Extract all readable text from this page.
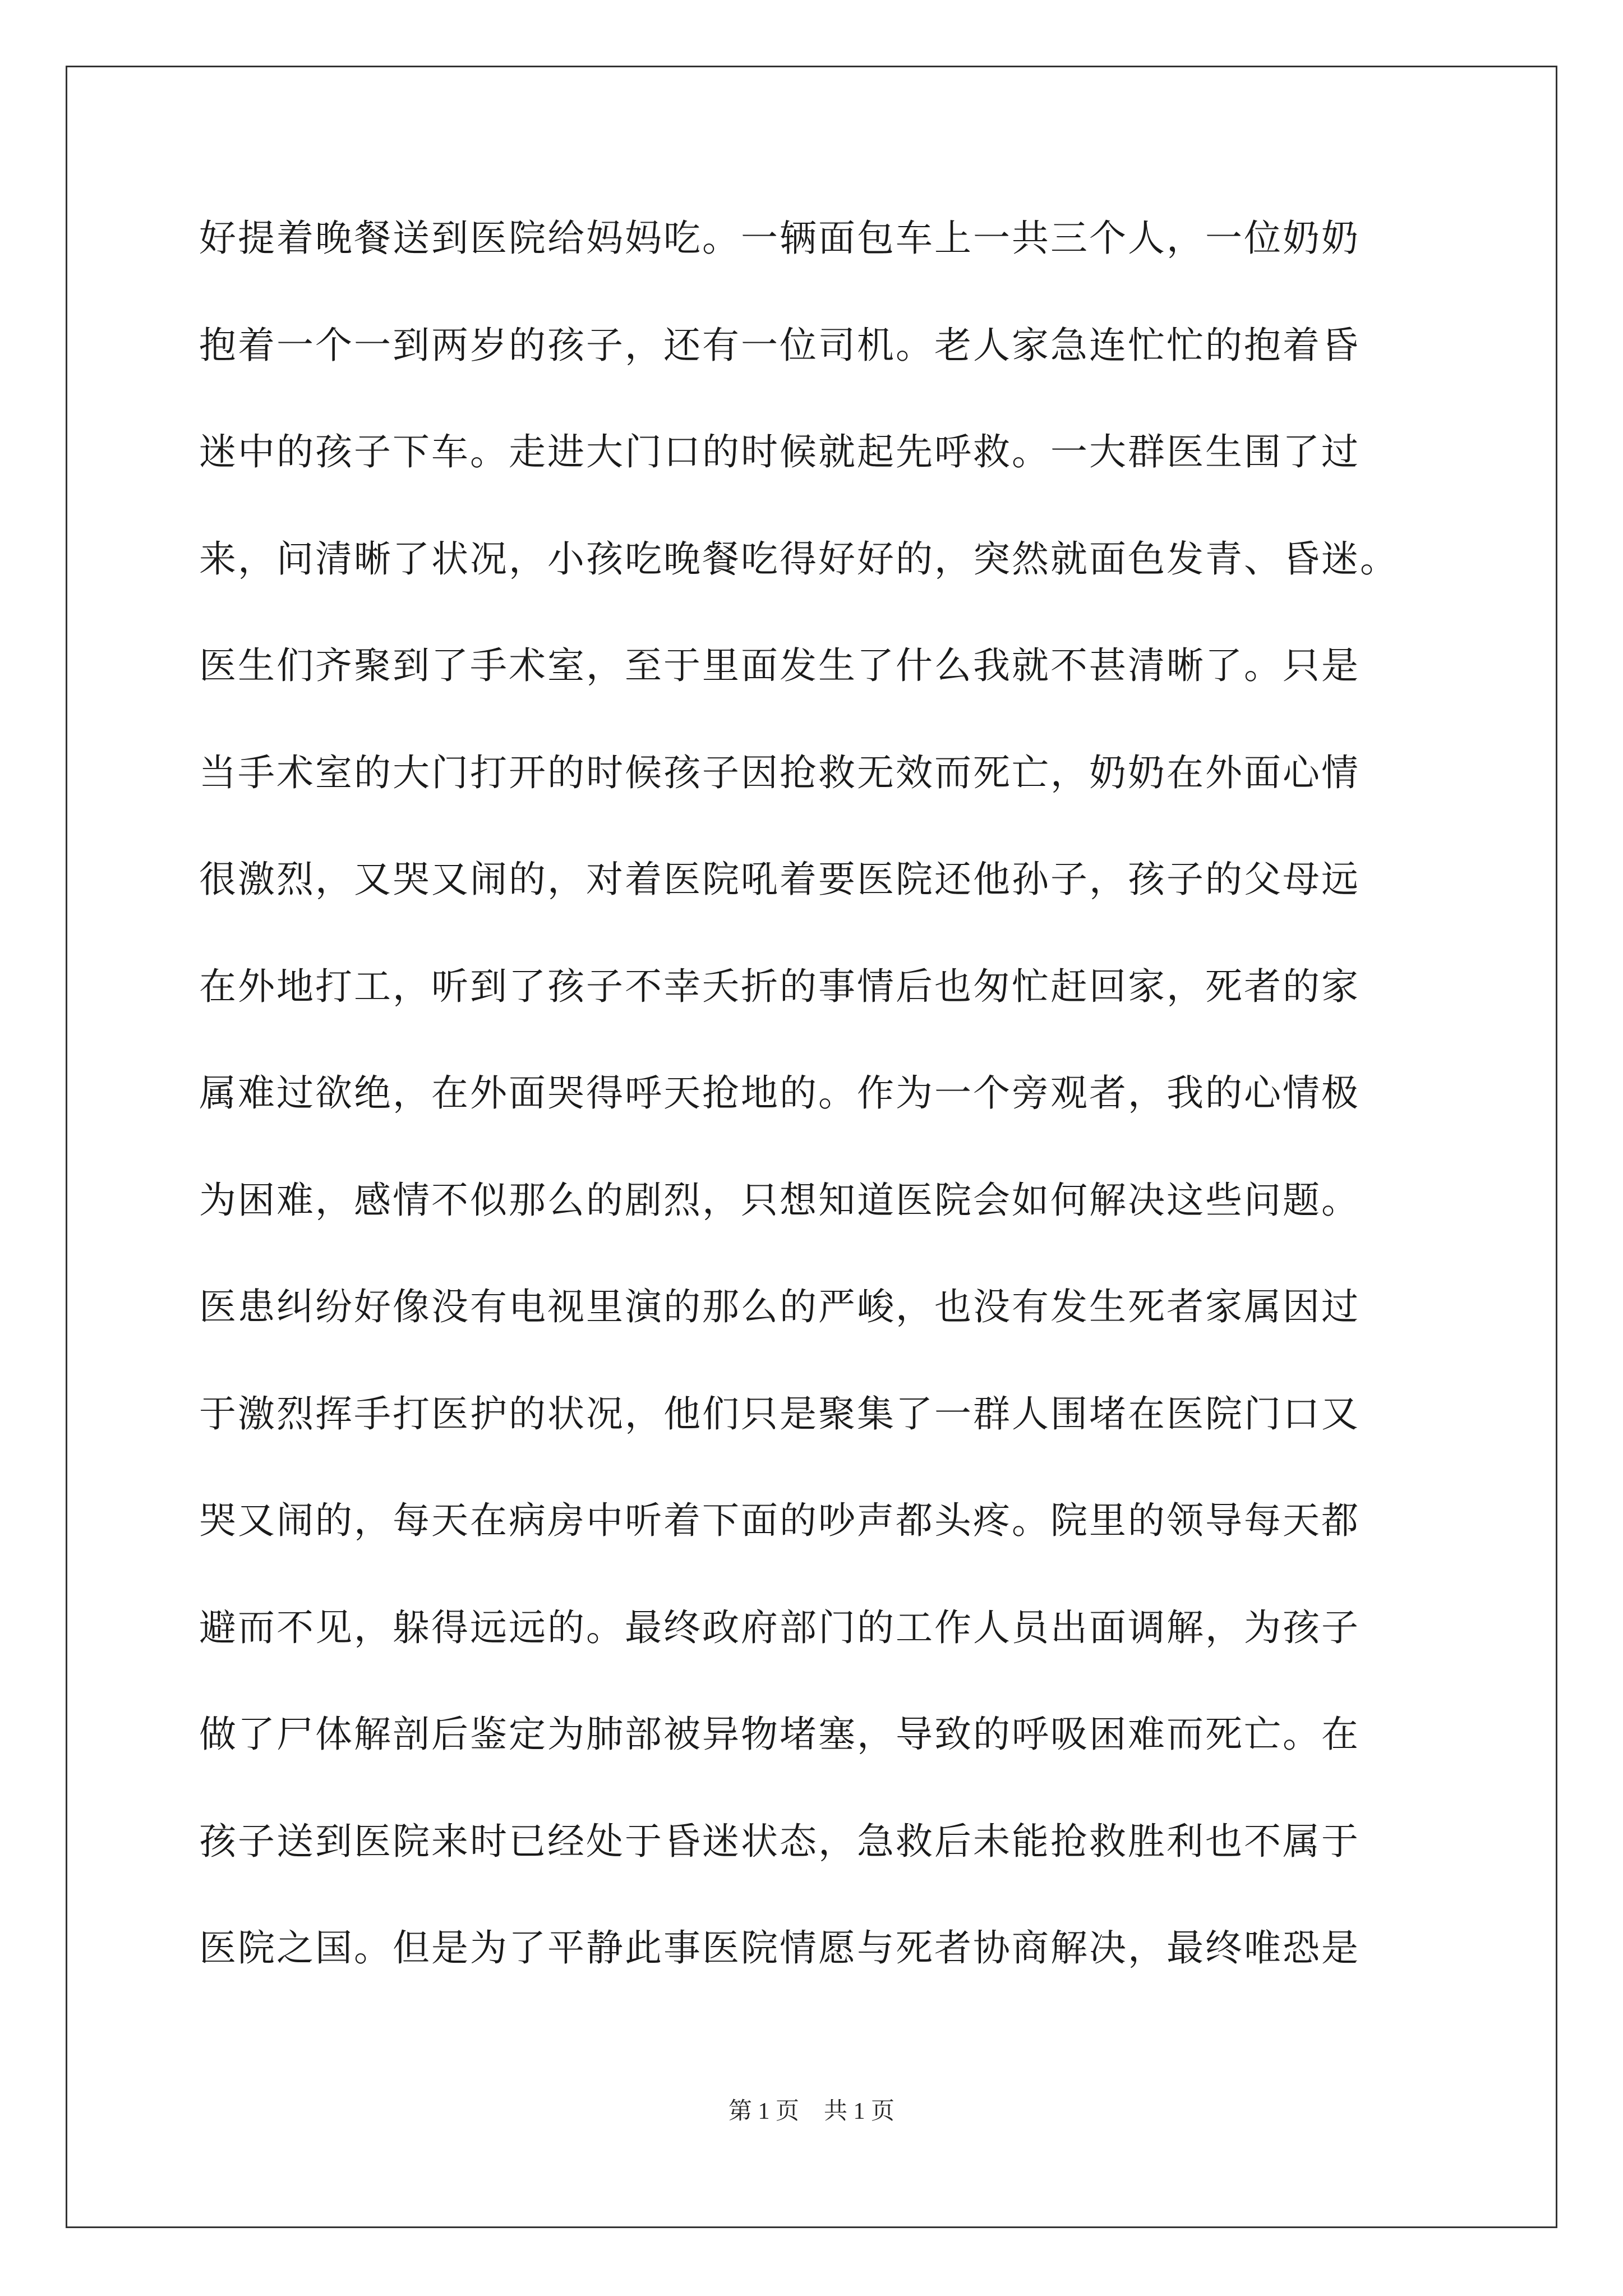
好提着晚餐送到医院给妈妈吃。一辆面包车上一共三个人，一位奶奶
抱着一个一到两岁的孩子，还有一位司机。老人家急连忙忙的抱着昏
迷中的孩子下车。走进大门口的时候就起先呼救。一大群医生围了过
来，问清晰了状况，小孩吃晚餐吃得好好的，突然就面色发青、昏迷。
医生们齐聚到了手术室，至于里面发生了什么我就不甚清晰了。只是
当手术室的大门打开的时候孩子因抢救无效而死亡，奶奶在外面心情
很激烈，又哭又闹的，对着医院吼着要医院还他孙子，孩子的父母远
在外地打工，听到了孩子不幸夭折的事情后也匆忙赶回家，死者的家
属难过欲绝，在外面哭得呼天抢地的。作为一个旁观者，我的心情极
为困难，感情不似那么的剧烈，只想知道医院会如何解决这些问题。
医患纠纷好像没有电视里演的那么的严峻，也没有发生死者家属因过
于激烈挥手打医护的状况，他们只是聚集了一群人围堵在医院门口又
哭又闹的，每天在病房中听着下面的吵声都头疼。院里的领导每天都
避而不见，躲得远远的。最终政府部门的工作人员出面调解，为孩子
做了尸体解剖后鉴定为肺部被异物堵塞，导致的呼吸困难而死亡。在
孩子送到医院来时已经处于昏迷状态，急救后未能抢救胜利也不属于
医院之国。但是为了平静此事医院情愿与死者协商解决，最终唯恐是
第 1 页 共 1 页
